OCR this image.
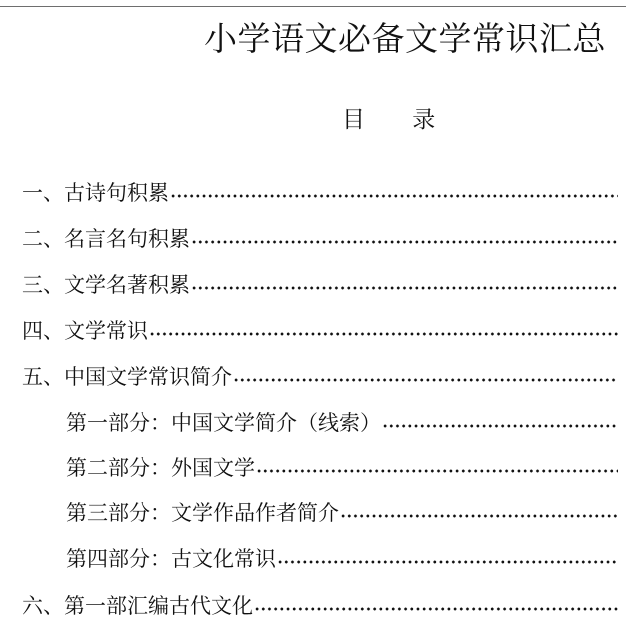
小学语文必备文学常识汇总
目 录
一、古诗句积累
二、名言名句积累
三、文学名著积累
四、文学常识
五、中国文学常识简介
第一部分：中国文学简介（线索）
第二部分：外国文学
第三部分：文学作品作者简介
第四部分：古文化常识
六、第一部汇编古代文化
